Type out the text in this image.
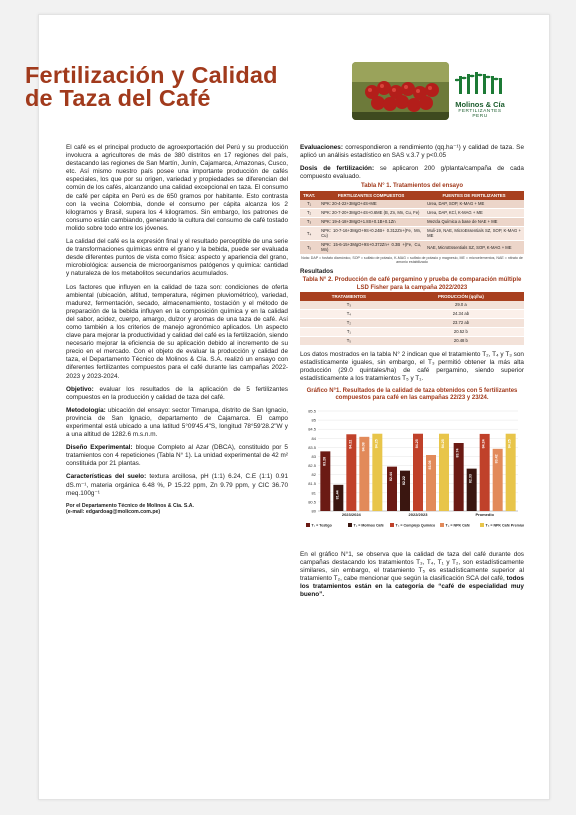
Fertilización y Calidad
de Taza del Café	Molinos & Cía
FERTILIZANTES
PERU

El café es el principal producto de agroexportación del Perú y su producción involucra a agricultores de más de 380 distritos en 17 regiones del país, destacando las regiones de San Martín, Junín, Cajamarca, Amazonas, Cusco, etc. Así mismo nuestro país posee una importante producción de cafés especiales, los que por su origen, variedad y propiedades se diferencian del común de los cafés, alcanzando una calidad excepcional en taza. El consumo de café per cápita en Perú es de 650 gramos por habitante. Esto contrasta con la vecina Colombia, donde el consumo per cápita alcanza los 2 kilogramos y Brasil, supera los 4 kilogramos. Sin embargo, los patrones de consumo están cambiando, generando la cultura del consumo de café tostado molido sobre todo entre los jóvenes.

La calidad del café es la expresión final y el resultado perceptible de una serie de transformaciones químicas entre el grano y la bebida, puede ser evaluada desde diferentes puntos de vista como física: aspecto y apariencia del grano, microbiológica: ausencia de microorganismos patógenos y química: cantidad y naturaleza de los metabolitos secundarios acumulados.

Los factores que influyen en la calidad de taza son: condiciones de oferta ambiental (ubicación, altitud, temperatura, régimen pluviométrico), variedad, madurez, fermentación, secado, almacenamiento, tostación y el método de preparación de la bebida influyen en la composición química y en la calidad del sabor, acidez, cuerpo, amargo, dulzor y aromas de una taza de café. Así como también a los criterios de manejo agronómico aplicados. Un aspecto clave para mejorar la productividad y calidad del café es la fertilización, siendo necesario mejorar la eficiencia de su aplicación debido al incremento de su precio en el mercado. Con el objeto de evaluar la producción y calidad de taza, el Departamento Técnico de Molinos & Cía. S.A. realizó un ensayo con diferentes fertilizantes compuestos para el café durante las campañas 2022-2023 y 2023-2024.

Objetivo: evaluar los resultados de la aplicación de 5 fertilizantes compuestos en la producción y calidad de taza del café.

Metodología: ubicación del ensayo: sector Timarupa, distrito de San Ignacio, provincia de San Ignacio, departamento de Cajamarca. El campo experimental está ubicado a una latitud 5°09'45.4"S, longitud 78°59'28.2"W y a una altitud de 1282.6 m.s.n.m.

Diseño Experimental: bloque Completo al Azar (DBCA), constituido por 5 tratamientos con 4 repeticiones (Tabla N° 1). La unidad experimental de 42 m² constituida por 21 plantas.

Características del suelo: textura arcillosa, pH (1:1) 6.24, C.E (1:1) 0.91 dS.m⁻¹, materia orgánica 6.48 %, P 15.22 ppm, Zn 9.79 ppm, y CIC 36.70 meq.100g⁻¹

Por el Departamento Técnico de Molinos & Cía. S.A.
(e-mail: edgardoag@molicom.com.pe)

Evaluaciones: correspondieron a rendimiento (qq.ha⁻¹) y calidad de taza. Se aplicó un análisis estadístico en SAS v.3.7 y p<0.05

Dosis de fertilización: se aplicaron 200 g/planta/campaña de cada compuesto evaluado.

Tabla N° 1. Tratamientos del ensayo
TRAT.	FERTILIZANTES COMPUESTOS	FUENTES DE FERTILIZANTES
T₁	NPK: 20-4-22+3MgO+4S+ME	Urea, DAP, SOP, K-MAG + ME
T₂	NPK: 20-7-20+3MgO+4S+0.6ME (B, Zn, Mn, Cu, Fe)	Urea, DAP, KCl, K-MAG + ME
T₃	NPK: 19-4-18+3MgO+1.8S+0.1B+0.1Zn	Mezcla Química a base de NAE + ME
T₄	NPK: 10-7-16+3MgO+9S+0.24B+ 0.312Zn+(Fe, Mn, Cu)	Muli-19, NAE, MicroEssentials SZ, SOP, K-MAG + ME
T₅	NPK: 15-6-15+3MgO+9S+0.372Zn+ 0.3B +(Fe, Cu, Mn)	NAE, MicroEssentials SZ, SOP, K-MAG + ME
Nota: DAP = fosfato diamónico, SOP = sulfato de potasio, K-MAG = sulfato de potasio y magnesio, ME = microelementos, NAE = nitrato de amonio estabilizado
Resultados
Tabla N° 2. Producción de café pergamino y prueba de comparación múltiple LSD Fisher para la campaña 2022/2023
TRATAMIENTOS	PRODUCCIÓN (qq/ha)
T₃	29.0 a
T₄	24.34 ab
T₂	23.72 ab
T₁	20.52 b
T₅	20.48 b

Los datos mostrados en la tabla N° 2 indican que el tratamiento T₂, T₄ y T₃ son estadísticamente iguales, sin embargo, el T₃ permitió obtener la más alta producción (29.0 quintales/ha) de café pergamino, siendo superior estadísticamente a los tratamientos T₅ y T₁.

Gráfico N°1. Resultados de la calidad de taza obtenidos con 5 fertilizantes compuestos para café en las campañas 22/23 y 23/24.
85.5
85
84.5
84
83.5
83
82.5
82
81.5
81
80.5
80
83.28
81.44
84.22	84.08	84.25
2023/2024
82.44	82.22
84.25
83.08
84.25
2022/2023
83.74
82.33
84.24
83.42
84.25
Promedio
T₁ = Testigo	T₂ = Molinos Café	T₃ = Complejo Químico	T₄ = NPK Café	T₅ = NPK Café Premium

En el gráfico N°1, se observa que la calidad de taza del café durante dos campañas destacando los tratamientos T₃, T₄, T₁ y T₂, son estadísticamente similares, sin embargo, el tratamiento T₅ es estadísticamente superior al tratamiento T₂, cabe mencionar que según la clasificación SCA del café, todos los tratamientos están en la categoría de “café de especialidad muy bueno”.
